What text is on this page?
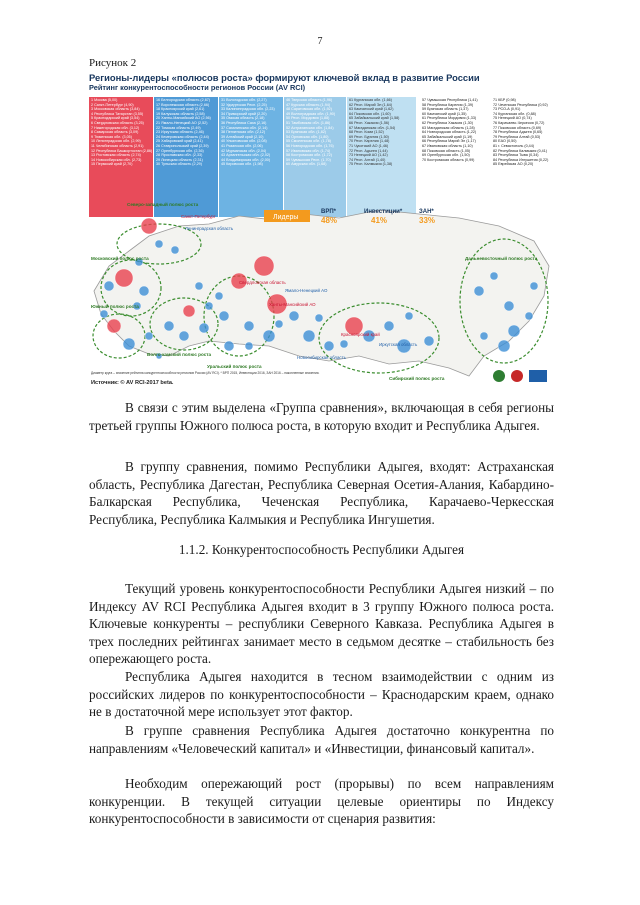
7
Рисунок 2
Регионы-лидеры «полюсов роста» формируют ключевой вклад в развитие России
Рейтинг конкурентоспособности регионов России (AV RCI)
1 Москва (5,00)
2 Санкт-Петербург (4,90)
3 Московская область (3,84)
4 Республика Татарстан (3,55)
5 Краснодарский край (3,54)
6 Свердловская область (3,25)
7 Нижегородская обл. (3,12)
8 Самарская область (3,09)
9 Тюменская обл. (3,05)
10 Ленинградская обл. (2,99)
11 Челябинская область (2,91)
12 Республика Башкортостан (2,86)
13 Ростовская область (2,74)
14 Новосибирская обл. (2,73)
15 Пермский край (2,70)
16 Белгородская область (2,67)
17 Воронежская область (2,66)
18 Красноярский край (2,61)
19 Калужская область (2,58)
20 Ханты-Мансийский АО (2,56)
21 Ямало-Ненецкий АО (2,52)
22 Томская область (2,49)
23 Иркутская область (2,46)
24 Кемеровская область (2,44)
25 Хабаровский край (2,41)
26 Ставропольский край (2,39)
27 Оренбургская обл. (2,36)
28 Ярославская обл. (2,33)
29 Липецкая область (2,31)
30 Тульская область (2,29)
31 Вологодская обл. (2,27)
32 Удмуртская Респ. (2,25)
33 Калининградская обл. (2,23)
34 Приморский край (2,20)
35 Омская область (2,18)
36 Республика Саха (2,16)
37 Сахалинская обл. (2,14)
38 Пензенская обл. (2,12)
39 Алтайский край (2,10)
40 Ульяновская обл. (2,08)
41 Рязанская обл. (2,06)
42 Мурманская обл. (2,04)
43 Архангельская обл. (2,02)
44 Владимирская обл. (2,00)
45 Кировская обл. (1,98)
46 Тверская область (1,96)
47 Курская область (1,94)
48 Саратовская обл. (1,92)
49 Волгоградская обл. (1,90)
50 Респ. Мордовия (1,88)
51 Тамбовская обл. (1,86)
52 Астраханская обл. (1,84)
53 Брянская обл. (1,82)
54 Орловская обл. (1,80)
55 Смоленская обл. (1,78)
56 Новгородская обл. (1,76)
57 Ивановская обл. (1,74)
58 Костромская обл. (1,72)
59 Чувашская Респ. (1,70)
60 Амурская обл. (1,68)
61 Курганская обл. (1,66)
62 Респ. Марий Эл (1,64)
63 Камчатский край (1,62)
64 Псковская обл. (1,60)
65 Забайкальский край (1,58)
66 Респ. Хакасия (1,56)
67 Магаданская обл. (1,54)
68 Респ. Коми (1,52)
69 Респ. Бурятия (1,50)
70 Респ. Карелия (1,48)
71 Чукотский АО (1,46)
72 Респ. Адыгея (1,44)
73 Ненецкий АО (1,42)
74 Респ. Алтай (1,40)
75 Респ. Калмыкия (1,38)
57 Чувашская Республика (1,41)
58 Республика Карелия (1,39)
59 Брянская область (1,37)
60 Камчатский край (1,35)
61 Республика Мордовия (1,33)
62 Республика Хакасия (1,30)
63 Магаданская область (1,28)
64 Новгородская область (1,22)
65 Забайкальский край (1,19)
66 Республика Марий Эл (1,17)
67 Ивановская область (1,10)
68 Псковская область (1,05)
69 Оренбургская обл. (1,50)
70 Костромская область (0,99)
71 КБР (0,98)
72 Чеченская Республика (0,92)
73 РСО-А (0,91)
74 Курганская обл. (0,88)
75 Ненецкий АО (0,74)
76 Карачаево-Черкесия (0,72)
77 Псковская область (0,69)
78 Республика Адыгея (0,65)
79 Республика Алтай (0,53)
80 ЕАО (0,50)
81 г. Севастополь (0,44)
82 Республика Калмыкия (0,41)
83 Республика Тыва (0,34)
84 Республика Ингушетия (0,22)
85 Еврейская АО (0,20)
Лидеры
ВРП*
48%
Инвестиции*
41%
ЗАН*
33%
Северо-западный полюс роста
Московский полюс роста
Южный полюс роста
Волго-камский полюс роста
Уральский полюс роста
Сибирский полюс роста
Дальневосточный полюс роста
Санкт-Петербург
Ленинградская область
Ямало-Ненецкий АО
Ханты-Мансийский АО
Свердловская область
Новосибирская область
Красноярский край
Иркутская область
Диаметр круга – значение рейтинга конкурентоспособности регионов России (AV RCI). * ВРП 2015, Инвестиции 2016, ЗАН 2016 – накопленные значения.
Источник: © AV RCI-2017 beta.

В связи с этим выделена «Группа сравнения», включающая в себя регионы третьей группы Южного полюса роста, в которую входит и Республика Адыгея.

В группу сравнения, помимо Республики Адыгея, входят: Астраханская область, Республика Дагестан, Республика Северная Осетия-Алания, Кабардино-Балкарская Республика, Чеченская Республика, Карачаево-Черкесская Республика, Республика Калмыкия и Республика Ингушетия.

1.1.2. Конкурентоспособность Республики Адыгея

Текущий уровень конкурентоспособности Республики Адыгея низкий – по Индексу AV RCI Республика Адыгея входит в 3 группу Южного полюса роста. Ключевые конкуренты – республики Северного Кавказа. Республика Адыгея в трех последних рейтингах занимает место в седьмом десятке – стабильность без опережающего роста.

Республика Адыгея находится в тесном взаимодействии с одним из российских лидеров по конкурентоспособности – Краснодарским краем, однако не в достаточной мере использует этот фактор.

В группе сравнения Республика Адыгея достаточно конкурентна по направлениям «Человеческий капитал» и «Инвестиции, финансовый капитал».

Необходим опережающий рост (прорывы) по всем направлениям конкуренции. В текущей ситуации целевые ориентиры по Индексу конкурентоспособности в зависимости от сценария развития:
